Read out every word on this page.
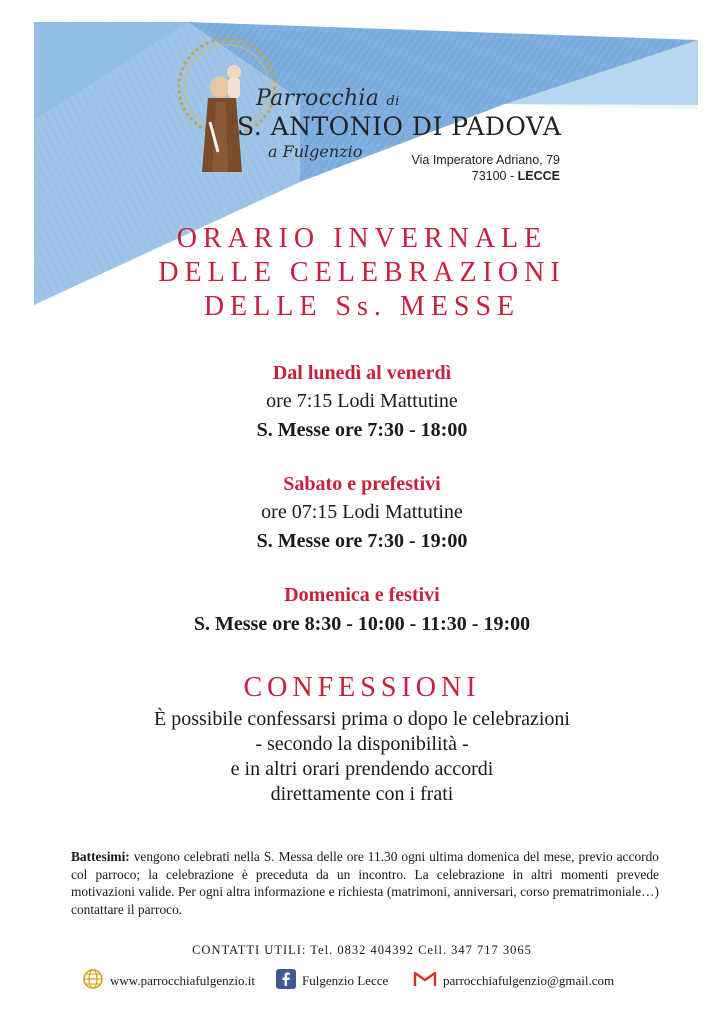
Parrocchia di
S. ANTONIO DI PADOVA
a Fulgenzio	Via Imperatore Adriano, 79
73100 - LECCE
ORARIO INVERNALE
DELLE CELEBRAZIONI
DELLE Ss. MESSE
Dal lunedì al venerdì
ore 7:15 Lodi Mattutine
S. Messe ore 7:30 - 18:00
Sabato e prefestivi
ore 07:15 Lodi Mattutine
S. Messe ore 7:30 - 19:00
Domenica e festivi
S. Messe ore 8:30 - 10:00 - 11:30 - 19:00
CONFESSIONI
È possibile confessarsi prima o dopo le celebrazioni
- secondo la disponibilità -
e in altri orari prendendo accordi
direttamente con i frati
Battesimi: vengono celebrati nella S. Messa delle ore 11.30 ogni ultima domenica del mese, previo accordo col parroco; la celebrazione è preceduta da un incontro. La celebrazione in altri momenti prevede motivazioni valide. Per ogni altra informazione e richiesta (matrimoni, anniversari, corso prematrimoniale…) contattare il parroco.
CONTATTI UTILI: Tel. 0832 404392 Cell. 347 717 3065
www.parrocchiafulgenzio.it	Fulgenzio Lecce	parrocchiafulgenzio@gmail.com
